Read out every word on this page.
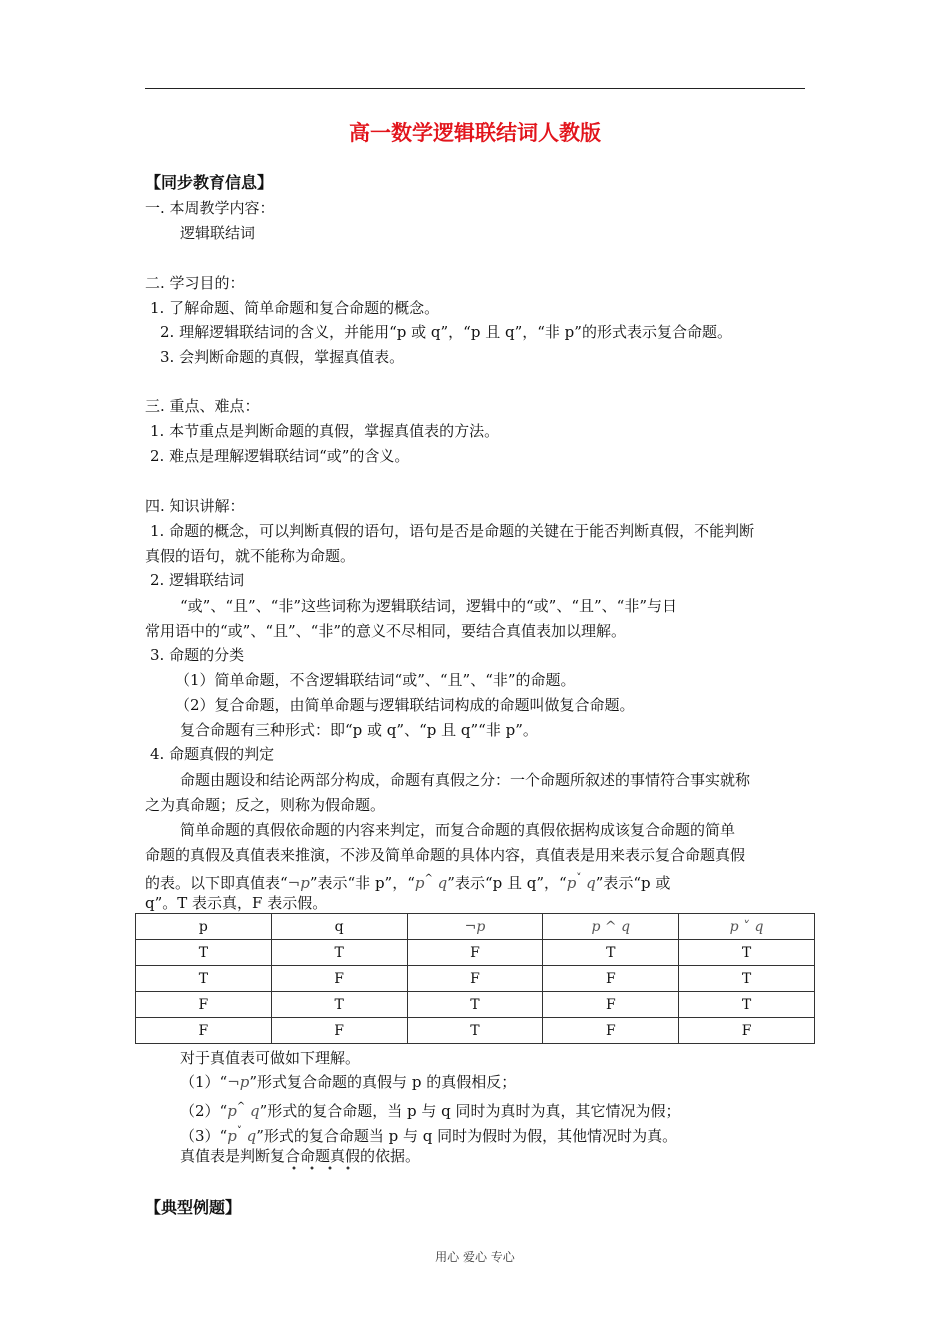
高一数学逻辑联结词人教版
【同步教育信息】
一. 本周教学内容：
逻辑联结词
二. 学习目的：
1. 了解命题、简单命题和复合命题的概念。
2. 理解逻辑联结词的含义，并能用“p 或 q”，“p 且 q”，“非 p”的形式表示复合命题。
3. 会判断命题的真假，掌握真值表。
三. 重点、难点：
1. 本节重点是判断命题的真假，掌握真值表的方法。
2. 难点是理解逻辑联结词“或”的含义。
四. 知识讲解：
1. 命题的概念，可以判断真假的语句，语句是否是命题的关键在于能否判断真假，不能判断
真假的语句，就不能称为命题。
2. 逻辑联结词
“或”、“且”、“非”这些词称为逻辑联结词，逻辑中的“或”、“且”、“非”与日
常用语中的“或”、“且”、“非”的意义不尽相同，要结合真值表加以理解。
3. 命题的分类
（1）简单命题，不含逻辑联结词“或”、“且”、“非”的命题。
（2）复合命题，由简单命题与逻辑联结词构成的命题叫做复合命题。
复合命题有三种形式：即“p 或 q”、“p 且 q”“非 p”。
4. 命题真假的判定
命题由题设和结论两部分构成，命题有真假之分：一个命题所叙述的事情符合事实就称
之为真命题；反之，则称为假命题。
简单命题的真假依命题的内容来判定，而复合命题的真假依据构成该复合命题的简单
命题的真假及真值表来推演，不涉及简单命题的具体内容，真值表是用来表示复合命题真假
的表。以下即真值表“¬p”表示“非 p”，“p^ q”表示“p 且 q”，“p˅ q”表示“p 或
q”。T 表示真，F 表示假。
p	q	¬p	p ^ q	p ˅ q
T	T	F	T	T
T	F	F	F	T
F	T	T	F	T
F	F	T	F	F
对于真值表可做如下理解。
（1）“¬p”形式复合命题的真假与 p 的真假相反；
（2）“p^ q”形式的复合命题，当 p 与 q 同时为真时为真，其它情况为假；
（3）“p˅ q”形式的复合命题当 p 与 q 同时为假时为假，其他情况时为真。
真值表是判断复合命题真假的依据。
【典型例题】
用心 爱心 专心
